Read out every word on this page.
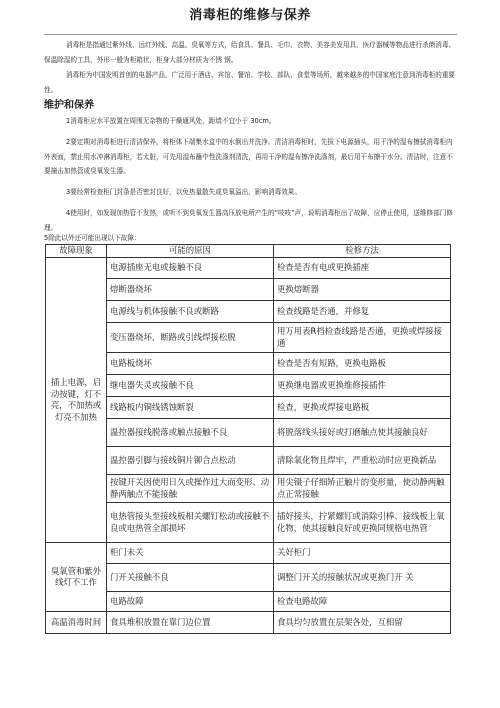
消毒柜的维修与保养

消毒柜是指通过紫外线、远红外线、高温、臭氧等方式，给食具、餐具、毛巾、衣物、美容美发用具、医疗器械等物品进行杀菌消毒、保温除湿的工具，外形一般为柜箱状，柜身大部分材质为不锈 钢。

消毒柜为中国发明首创的电器产品，广泛用于酒店、宾馆、餐馆、学校、部队、食堂等场所，越来越多的中国家庭注意到消毒柜的重要性。

维护和保养

1消毒柜应水平放置在周围无杂物的干燥通风处，距墙不宜小于 30cm。

2要定期对消毒柜进行清洁保养，将柜体下端集水盒中的水倒出并洗净。清洁消毒柜时，先拔下电源插头，用干净的湿布擦拭消毒柜内外表面，禁止用水冲淋消毒柜，若太脏，可先用湿布蘸中性洗涤剂清洗，再用干净的湿布擦净洗涤剂，最后用干布擦干水分。清洁时，注意不要撞击加热管或臭氧发生器。

3要经常检查柜门封条是否密封良好，以免热量散失或臭氧溢出，影响消毒效果。

4使用时，如发现加热管不发热，或听不到臭氧发生器高压放电所产生的“吱吱”声，说明消毒柜出了故障，应停止使用，送维修部门修理。

5除此以外还可能出现以下故障：

故障现象	可能的原因	检修方法
插上电源，启动按键，灯不亮，不加热或灯亮不加热	电源插座无电或接触不良	检查是否有电或更换插座
	熔断器烧坏	更换熔断器
	电源线与机体接触不良或断路	检查线路是否通，并修复
	变压器烧坏，断路或引线焊接松脱	用万用表R档检查线路是否通，更换或焊接接通
	电路板烧坏	检查是否有短路，更换电路板
	继电器失灵或接触不良	更换继电器或更换维修接插件
	线路板内铜线锈蚀断裂	检查，更换或焊接电路板
	温控器接线脱落或触点接触不良	将脱落线头接好或打磨触点使其接触良好
	温控器引脚与接线铜片铆合点松动	清除氧化物且焊牢，严重松动时应更换新品
	按键开关因使用日久或操作过大而变形、动静两触点不能接触	用尖镊子仔细矫正触片的变形量，使动静两触点正常接触
	电热管接头至接线板相关螺钉松动或接触不良或电热管全部损坏	插好接头，拧紧螺钉或消除引棒、接线板上氧化物，使其接触良好或更换同规格电热管
臭氧管和紫外线灯不工作	柜门未关	关好柜门
	门开关接触不良	调整门开关的接触状况或更换门开 关
	电路故障	检查电路故障
高温消毒时间	食具堆积放置在靠门边位置	食具均匀放置在层架各处，互相留
